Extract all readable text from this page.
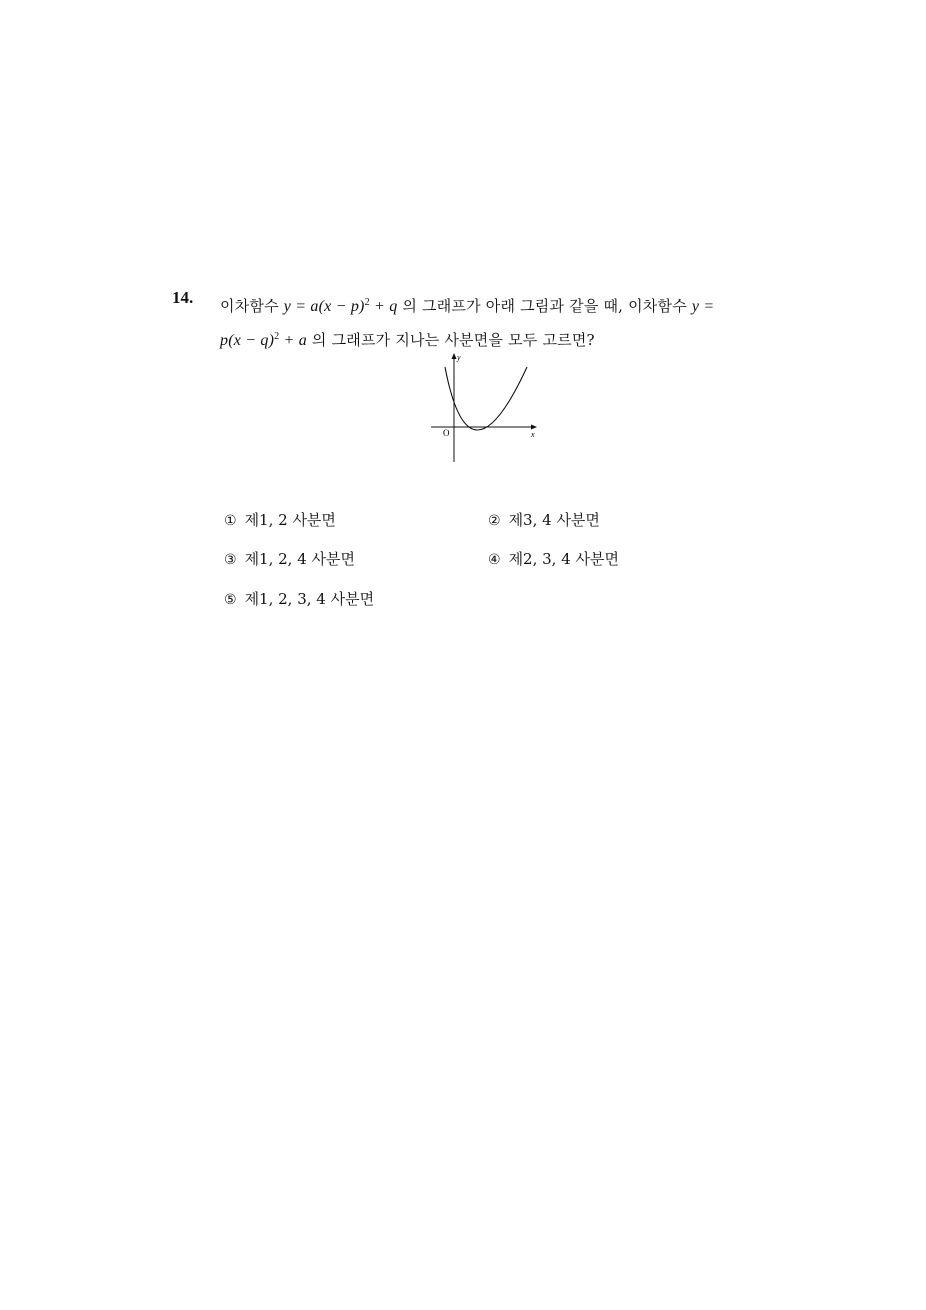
14. 이차함수 $y = a(x - p)^2 + q$ 의 그래프가 아래 그림과 같을 때, 이차함수 y =
$p(x - q)^2 + a$ 의 그래프가 지나는 사분면을 모두 고르면?
y
x
O
① 제1, 2 사분면	② 제3, 4 사분면
③ 제1, 2, 4 사분면	④ 제2, 3, 4 사분면
⑤ 제1, 2, 3, 4 사분면
